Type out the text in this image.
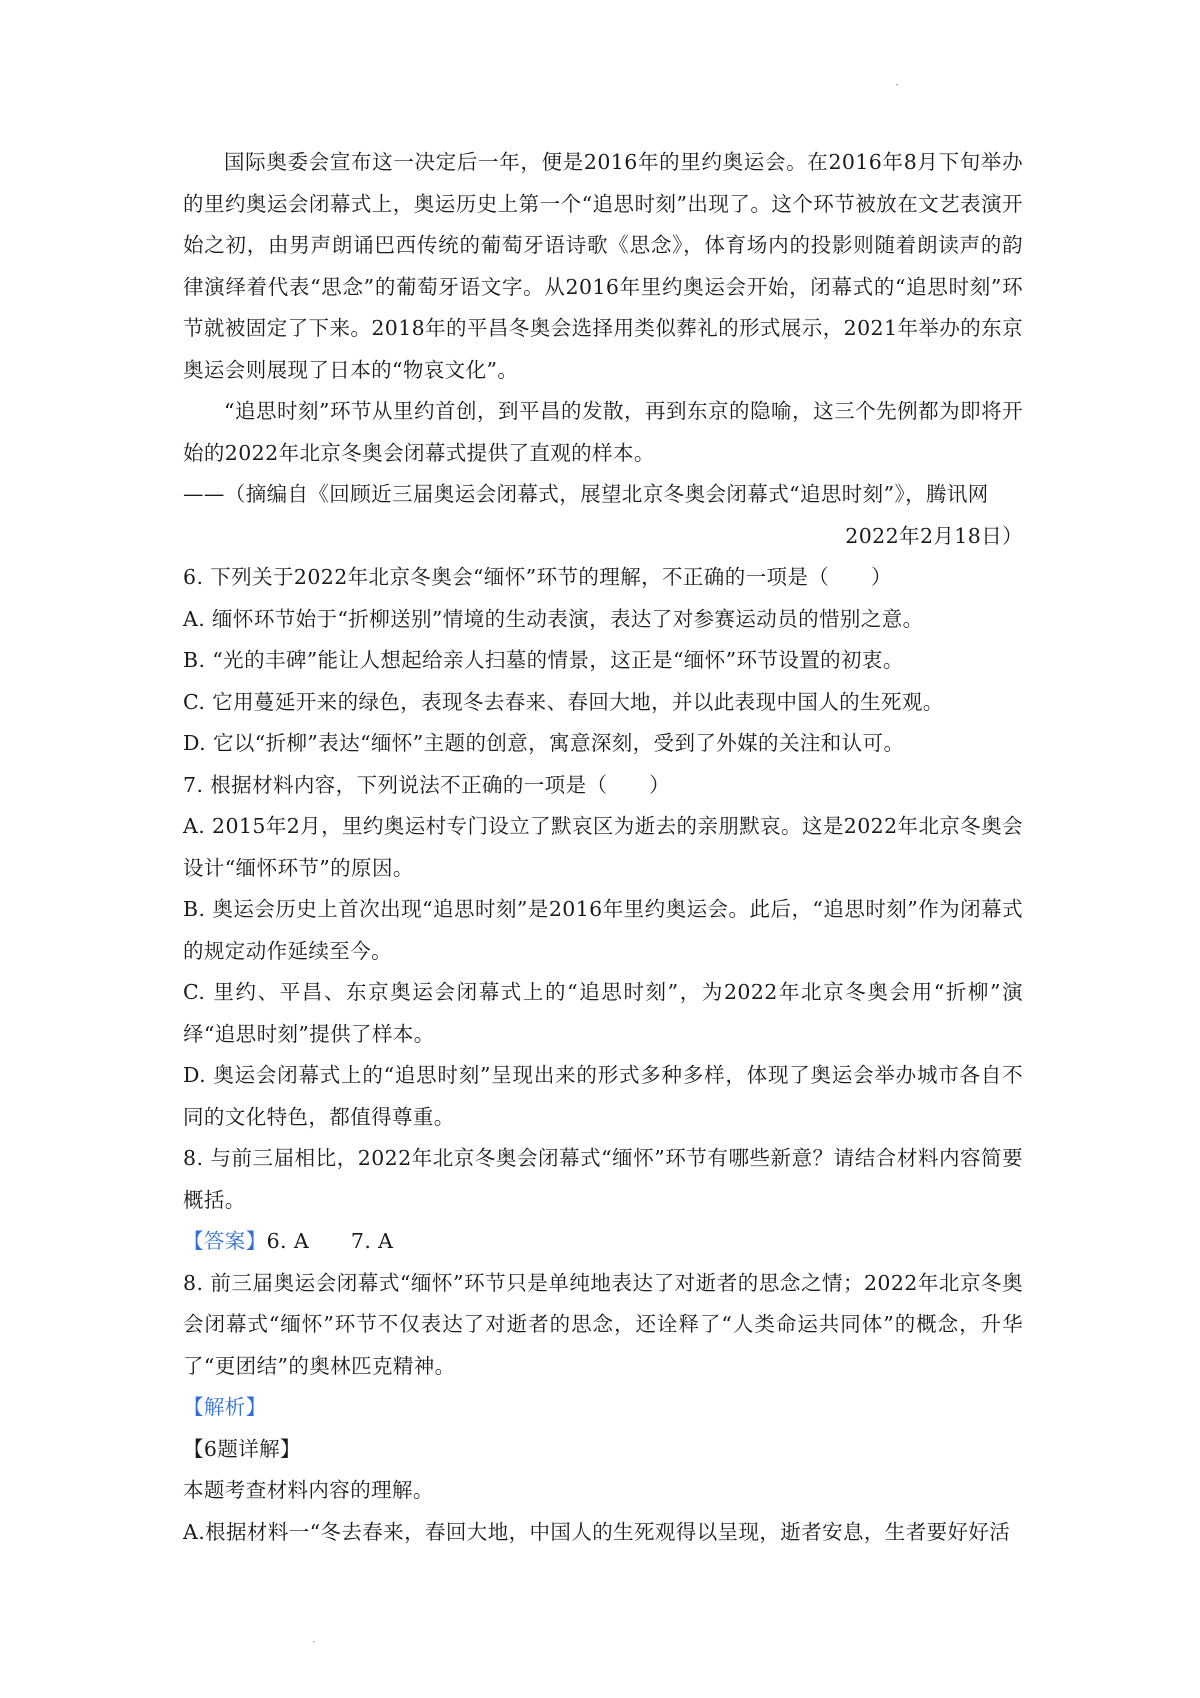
·

国际奥委会宣布这一决定后一年，便是2016年的里约奥运会。在2016年8月下旬举办的里约奥运会闭幕式上，奥运历史上第一个“追思时刻”出现了。这个环节被放在文艺表演开始之初，由男声朗诵巴西传统的葡萄牙语诗歌《思念》，体育场内的投影则随着朗读声的韵律演绎着代表“思念”的葡萄牙语文字。从2016年里约奥运会开始，闭幕式的“追思时刻”环节就被固定了下来。2018年的平昌冬奥会选择用类似葬礼的形式展示，2021年举办的东京奥运会则展现了日本的“物哀文化”。

“追思时刻”环节从里约首创，到平昌的发散，再到东京的隐喻，这三个先例都为即将开始的2022年北京冬奥会闭幕式提供了直观的样本。

——（摘编自《回顾近三届奥运会闭幕式，展望北京冬奥会闭幕式“追思时刻”》，腾讯网

2022年2月18日）

6. 下列关于2022年北京冬奥会“缅怀”环节的理解，不正确的一项是（　　）

A. 缅怀环节始于“折柳送别”情境的生动表演，表达了对参赛运动员的惜别之意。

B. “光的丰碑”能让人想起给亲人扫墓的情景，这正是“缅怀”环节设置的初衷。

C. 它用蔓延开来的绿色，表现冬去春来、春回大地，并以此表现中国人的生死观。

D. 它以“折柳”表达“缅怀”主题的创意，寓意深刻，受到了外媒的关注和认可。

7. 根据材料内容，下列说法不正确的一项是（　　）

A. 2015年2月，里约奥运村专门设立了默哀区为逝去的亲朋默哀。这是2022年北京冬奥会设计“缅怀环节”的原因。

B. 奥运会历史上首次出现“追思时刻”是2016年里约奥运会。此后，“追思时刻”作为闭幕式的规定动作延续至今。

C. 里约、平昌、东京奥运会闭幕式上的“追思时刻”，为2022年北京冬奥会用“折柳”演绎“追思时刻”提供了样本。

D. 奥运会闭幕式上的“追思时刻”呈现出来的形式多种多样，体现了奥运会举办城市各自不同的文化特色，都值得尊重。

8. 与前三届相比，2022年北京冬奥会闭幕式“缅怀”环节有哪些新意？请结合材料内容简要概括。

【答案】6. A　　7. A

8. 前三届奥运会闭幕式“缅怀”环节只是单纯地表达了对逝者的思念之情；2022年北京冬奥会闭幕式“缅怀”环节不仅表达了对逝者的思念，还诠释了“人类命运共同体”的概念，升华了“更团结”的奥林匹克精神。

【解析】

【6题详解】

本题考查材料内容的理解。

A.根据材料一“冬去春来，春回大地，中国人的生死观得以呈现，逝者安息，生者要好好活

·
